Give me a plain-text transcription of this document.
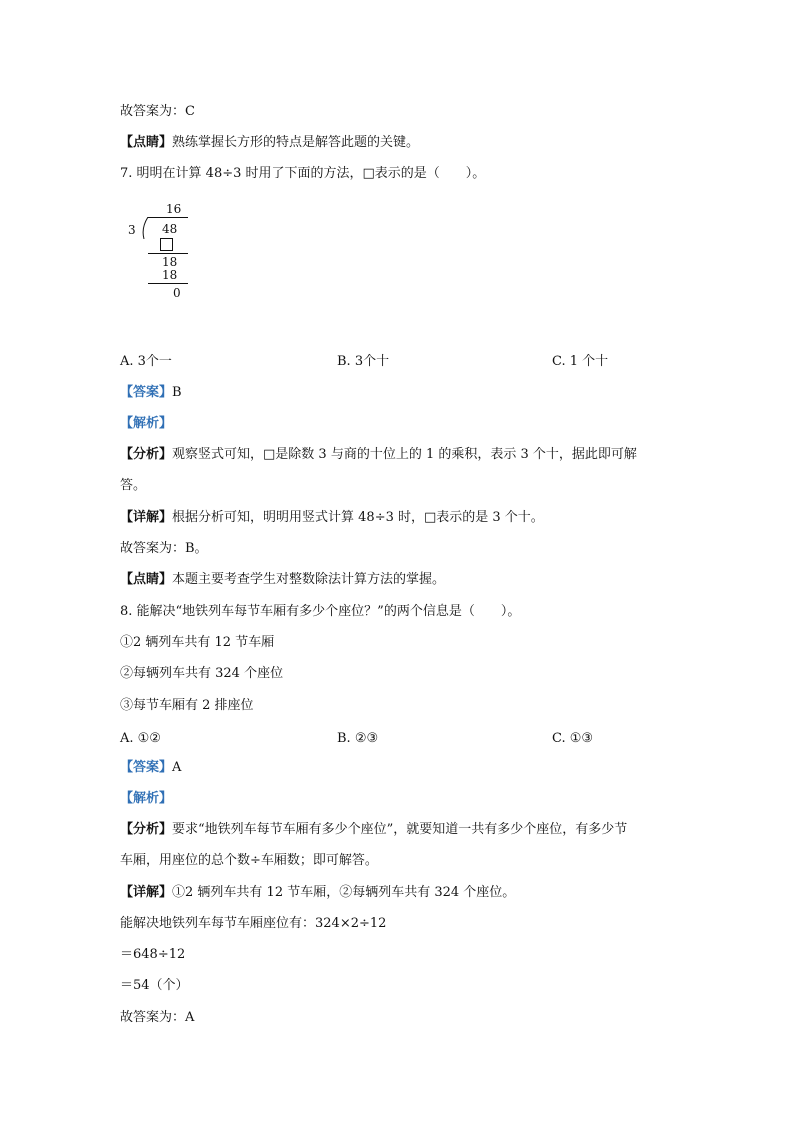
故答案为：C
【点睛】熟练掌握长方形的特点是解答此题的关键。
7. 明明在计算 48÷3 时用了下面的方法，□表示的是（　　）。
16
3 48
18
18
0
A. 3个一	B. 3个十	C. 1 个十
【答案】B
【解析】
【分析】观察竖式可知，□是除数 3 与商的十位上的 1 的乘积，表示 3 个十，据此即可解
答。
【详解】根据分析可知，明明用竖式计算 48÷3 时，□表示的是 3 个十。
故答案为：B。
【点睛】本题主要考查学生对整数除法计算方法的掌握。
8. 能解决“地铁列车每节车厢有多少个座位？”的两个信息是（　　）。
①2 辆列车共有 12 节车厢
②每辆列车共有 324 个座位
③每节车厢有 2 排座位
A. ①②	B. ②③	C. ①③
【答案】A
【解析】
【分析】要求“地铁列车每节车厢有多少个座位”，就要知道一共有多少个座位，有多少节
车厢，用座位的总个数÷车厢数；即可解答。
【详解】①2 辆列车共有 12 节车厢，②每辆列车共有 324 个座位。
能解决地铁列车每节车厢座位有：324×2÷12
＝648÷12
＝54（个）
故答案为：A
